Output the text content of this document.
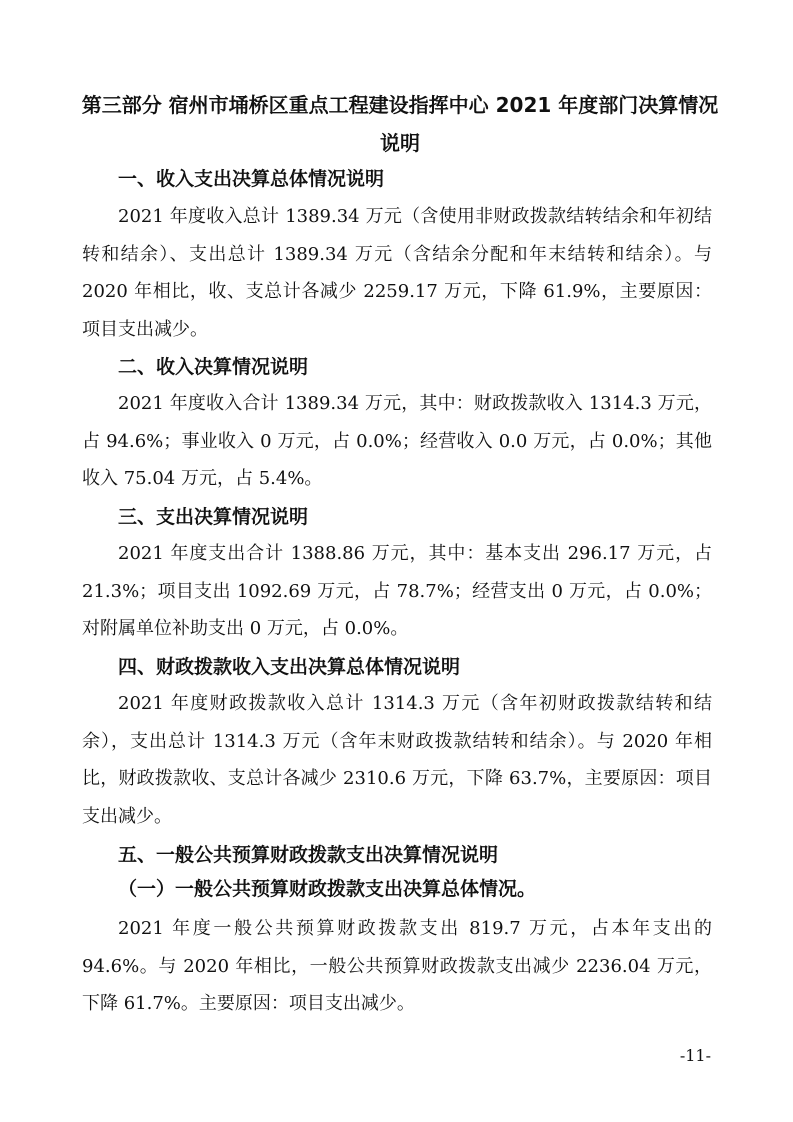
第三部分 宿州市埇桥区重点工程建设指挥中心 2021 年度部门决算情况说明
一、收入支出决算总体情况说明

2021 年度收入总计 1389.34 万元（含使用非财政拨款结转结余和年初结转和结余）、支出总计 1389.34 万元（含结余分配和年末结转和结余）。与 2020 年相比，收、支总计各减少 2259.17 万元，下降 61.9%，主要原因：项目支出减少。

二、收入决算情况说明

2021 年度收入合计 1389.34 万元，其中：财政拨款收入 1314.3 万元，占 94.6%；事业收入 0 万元，占 0.0%；经营收入 0.0 万元，占 0.0%；其他收入 75.04 万元，占 5.4%。

三、支出决算情况说明

2021 年度支出合计 1388.86 万元，其中：基本支出 296.17 万元，占 21.3%；项目支出 1092.69 万元，占 78.7%；经营支出 0 万元，占 0.0%；对附属单位补助支出 0 万元，占 0.0%。

四、财政拨款收入支出决算总体情况说明

2021 年度财政拨款收入总计 1314.3 万元（含年初财政拨款结转和结余），支出总计 1314.3 万元（含年末财政拨款结转和结余）。与 2020 年相比，财政拨款收、支总计各减少 2310.6 万元，下降 63.7%，主要原因：项目支出减少。

五、一般公共预算财政拨款支出决算情况说明
（一）一般公共预算财政拨款支出决算总体情况。

2021 年度一般公共预算财政拨款支出 819.7 万元，占本年支出的 94.6%。与 2020 年相比，一般公共预算财政拨款支出减少 2236.04 万元，下降 61.7%。主要原因：项目支出减少。

-11-
